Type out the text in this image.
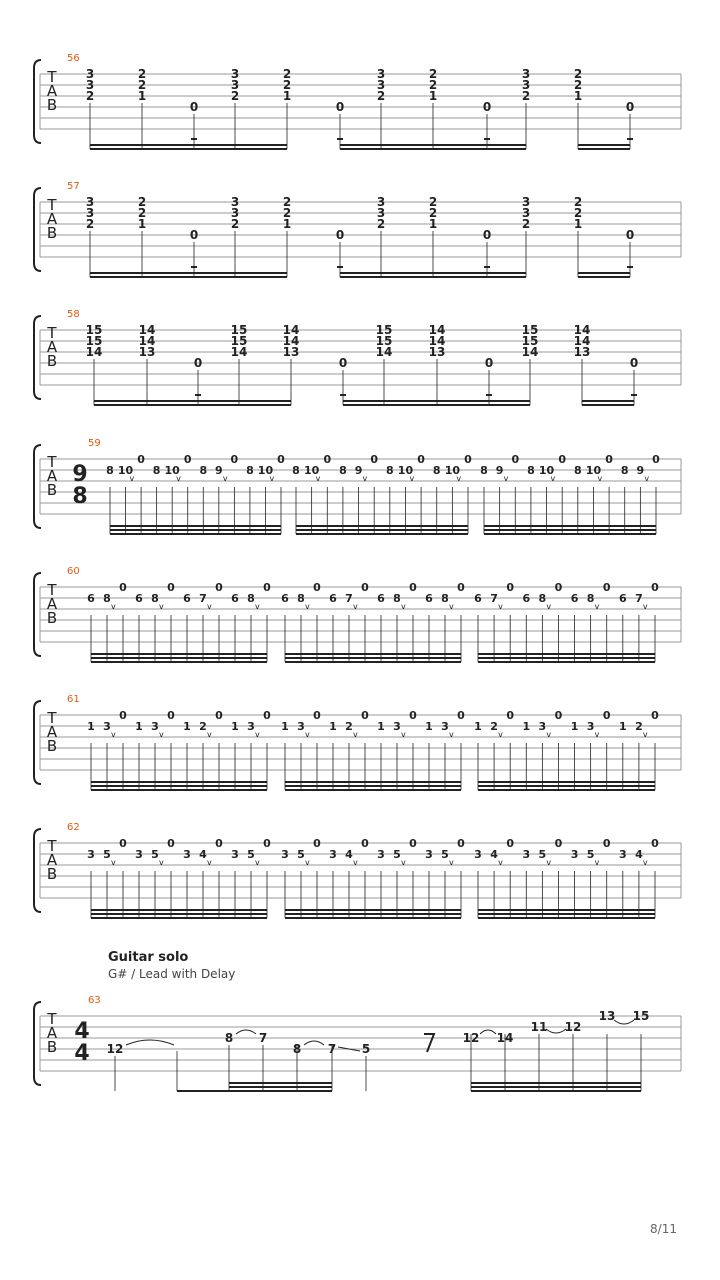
T
A
B
56
3
3
2
2
2
1
0
3
3
2
2
2
1
0
3
3
2
2
2
1
0
3
3
2
2
2
1
0
T
A
B
57
3
3
2
2
2
1
0
3
3
2
2
2
1
0
3
3
2
2
2
1
0
3
3
2
2
2
1
0
T
A
B
58
15
15
14
14
14
13
0
15
15
14
14
14
13
0
15
15
14
14
14
13
0
15
15
14
14
14
13
0
T
A
B
59
8 10
v
0
8 10
v
0
8 9
v
0
8 10
v
0
8 10
v
0
8 9
v
0
8 10
v
0
8 10
v
0
8 9
v
0
8 10
v
0
8 10
v
0
8 9
v
0
9
8
T
A
B
60
6 8
v
0
6 8
v
0
6 7
v
0
6 8
v
0
6 8
v
0
6 7
v
0
6 8
v
0
6 8
v
0
6 7
v
0
6 8
v
0
6 8
v
0
6 7
v
0
T
A
B
61
1 3
v
0
1 3
v
0
1 2
v
0
1 3
v
0
1 3
v
0
1 2
v
0
1 3
v
0
1 3
v
0
1 2
v
0
1 3
v
0
1 3
v
0
1 2
v
0
T
A
B
62
3 5
v
0
3 5
v
0
3 4
v
0
3 5
v
0
3 5
v
0
3 4
v
0
3 5
v
0
3 5
v
0
3 4
v
0
3 5
v
0
3 5
v
0
3 4
v
0
T
A
B
63
4
4 12
8 7
8 7 5
12 14
11 12
13 15
Guitar solo
G# / Lead with Delay
8/11
